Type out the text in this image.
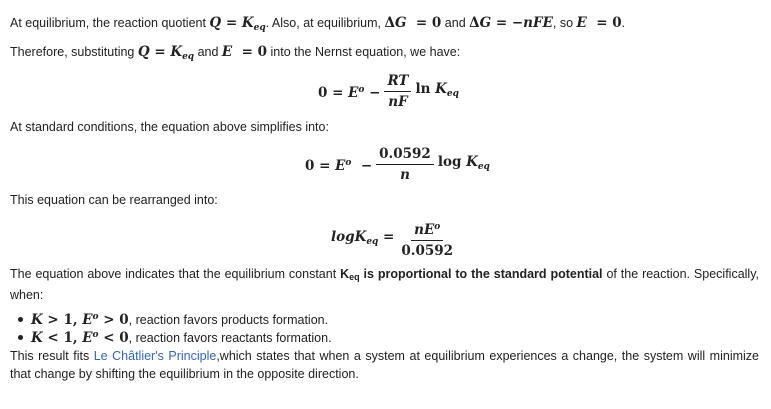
At equilibrium, the reaction quotient $Q = K_{eq}$. Also, at equilibrium, ΔG  = 0 and ΔG = −nFE, so E  = 0.
Therefore, substituting $Q = K_{eq}$ and E  = 0 into the Nernst equation, we have:
$0 = E^o - \frac{RT}{nF}$ $\ln K_{eq}$
At standard conditions, the equation above simplifies into:
$0 = E^o - \frac{0.0592}{n}$ $\log K_{eq}$
This equation can be rearranged into:
$\log K_{eq} = \frac{nE^o}{0.0592}$
The equation above indicates that the equilibrium constant Keq is proportional to the standard potential of the reaction. Specifically, when:
K > 1, $E^o > 0$, reaction favors products formation.
K < 1, $E^o < 0$, reaction favors reactants formation.
This result fits Le Châtlier's Principle,which states that when a system at equilibrium experiences a change, the system will minimize that change by shifting the equilibrium in the opposite direction.
